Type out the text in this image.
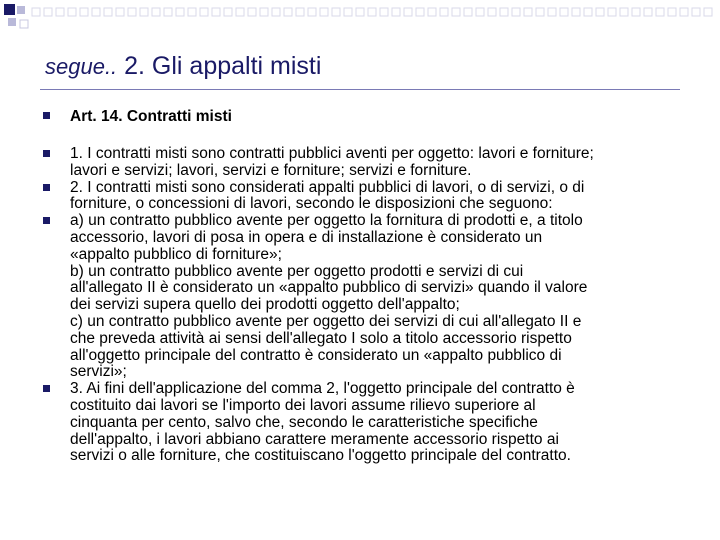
segue.. 2. Gli appalti misti
Art. 14. Contratti misti
1. I contratti misti sono contratti pubblici aventi per oggetto: lavori e forniture;
lavori e servizi; lavori, servizi e forniture; servizi e forniture.
2. I contratti misti sono considerati appalti pubblici di lavori, o di servizi, o di
forniture, o concessioni di lavori, secondo le disposizioni che seguono:
a) un contratto pubblico avente per oggetto la fornitura di prodotti e, a titolo
accessorio, lavori di posa in opera e di installazione è considerato un
«appalto pubblico di forniture»;
b) un contratto pubblico avente per oggetto prodotti e servizi di cui
all'allegato II è considerato un «appalto pubblico di servizi» quando il valore
dei servizi supera quello dei prodotti oggetto dell'appalto;
c) un contratto pubblico avente per oggetto dei servizi di cui all'allegato II e
che preveda attività ai sensi dell'allegato I solo a titolo accessorio rispetto
all'oggetto principale del contratto è considerato un «appalto pubblico di
servizi»;
3. Ai fini dell'applicazione del comma 2, l'oggetto principale del contratto è
costituito dai lavori se l'importo dei lavori assume rilievo superiore al
cinquanta per cento, salvo che, secondo le caratteristiche specifiche
dell'appalto, i lavori abbiano carattere meramente accessorio rispetto ai
servizi o alle forniture, che costituiscano l'oggetto principale del contratto.
